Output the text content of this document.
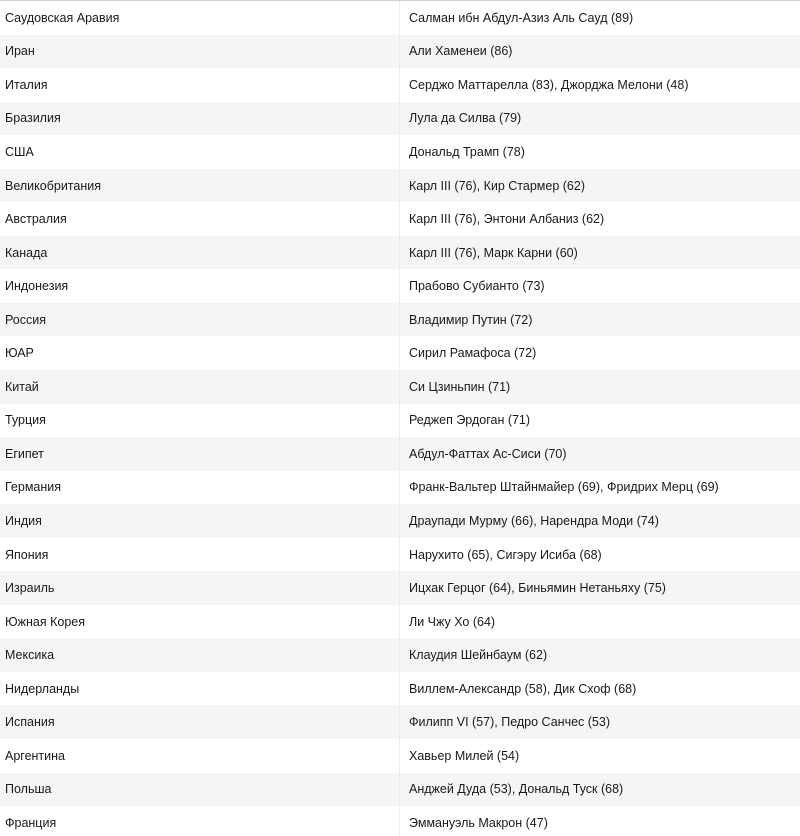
Саудовская Аравия	Салман ибн Абдул-Азиз Аль Сауд (89)
Иран	Али Хаменеи (86)
Италия	Серджо Маттарелла (83), Джорджа Мелони (48)
Бразилия	Лула да Силва (79)
США	Дональд Трамп (78)
Великобритания	Карл III (76), Кир Стармер (62)
Австралия	Карл III (76), Энтони Албаниз (62)
Канада	Карл III (76), Марк Карни (60)
Индонезия	Прабово Субианто (73)
Россия	Владимир Путин (72)
ЮАР	Сирил Рамафоса (72)
Китай	Си Цзиньпин (71)
Турция	Реджеп Эрдоган (71)
Египет	Абдул-Фаттах Ас-Сиси (70)
Германия	Франк-Вальтер Штайнмайер (69), Фридрих Мерц (69)
Индия	Драупади Мурму (66), Нарендра Моди (74)
Япония	Нарухито (65), Сигэру Исиба (68)
Израиль	Ицхак Герцог (64), Биньямин Нетаньяху (75)
Южная Корея	Ли Чжу Хо (64)
Мексика	Клаудия Шейнбаум (62)
Нидерланды	Виллем-Александр (58), Дик Схоф (68)
Испания	Филипп VI (57), Педро Санчес (53)
Аргентина	Хавьер Милей (54)
Польша	Анджей Дуда (53), Дональд Туск (68)
Франция	Эммануэль Макрон (47)
